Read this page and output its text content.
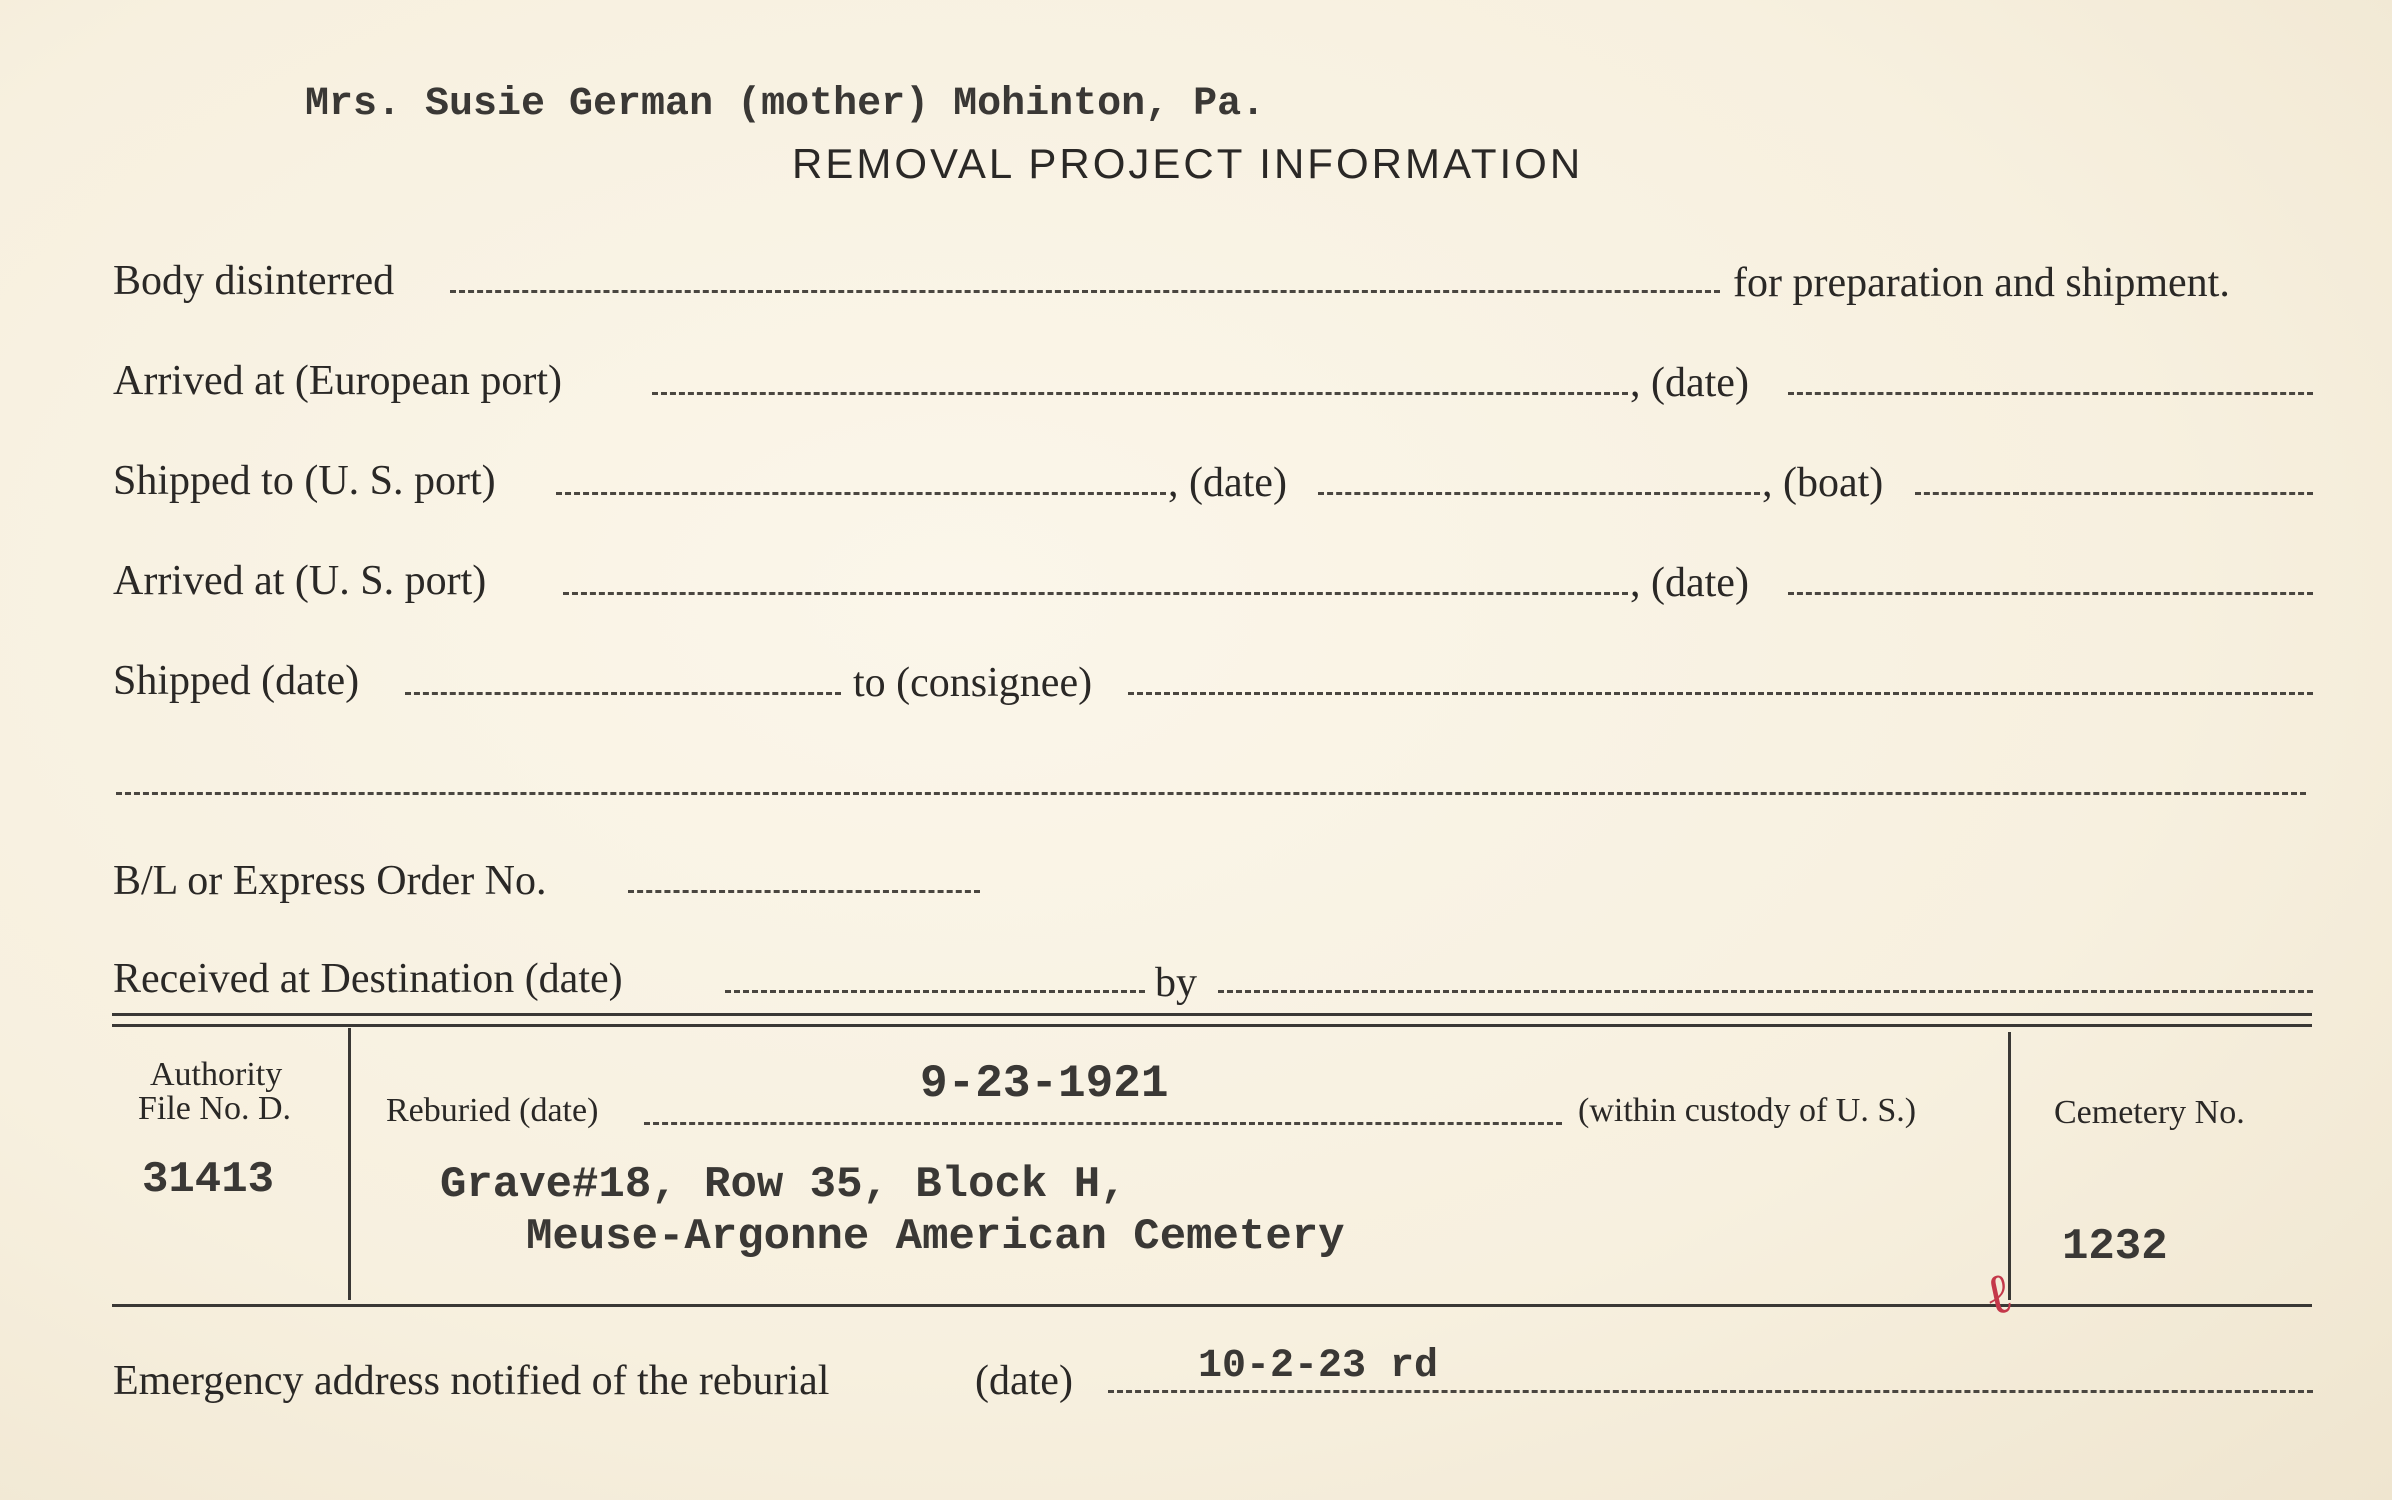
Mrs. Susie German (mother) Mohinton, Pa.
REMOVAL PROJECT INFORMATION
Body disinterred	for preparation and shipment.
Arrived at (European port)	, (date)
Shipped to (U. S. port)	, (date)	, (boat)
Arrived at (U. S. port)	, (date)
Shipped (date)	to (consignee)
B/L or Express Order No.
Received at Destination (date)	by
Authority
File No. D.
31413
Reburied (date)
9-23-1921
(within custody of U. S.)
Grave#18, Row 35, Block H,
Meuse-Argonne American Cemetery
Cemetery No.
1232
ℓ
Emergency address notified of the reburial	(date)	10-2-23 rd
